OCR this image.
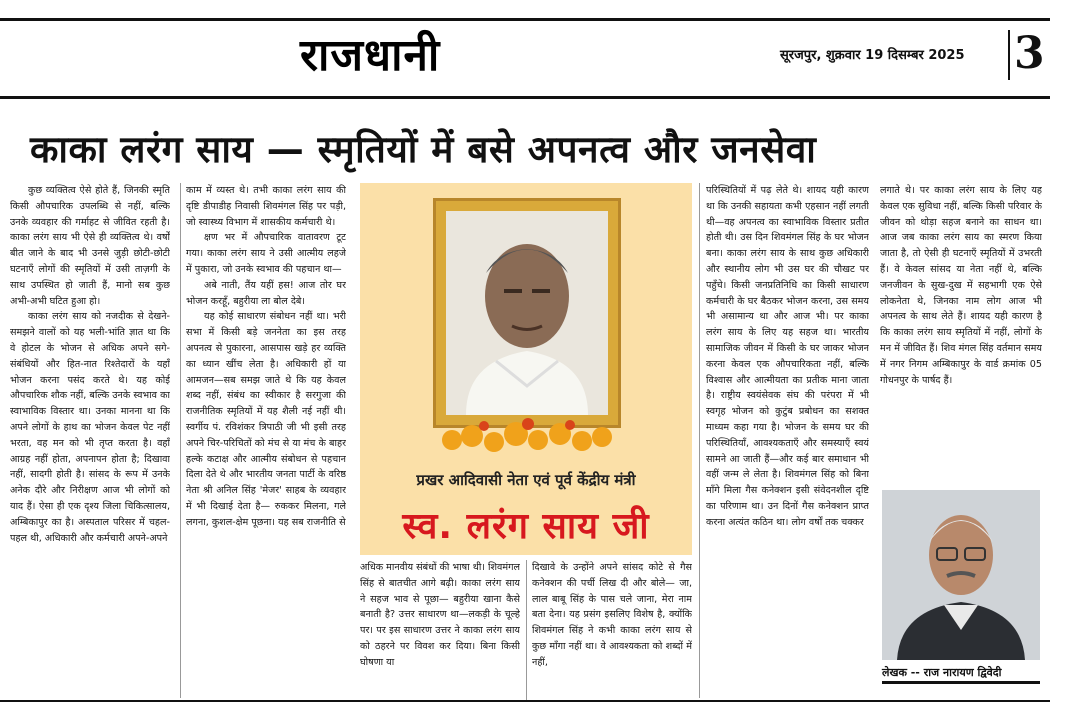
राजधानी	सूरजपुर, शुक्रवार 19 दिसम्बर 2025 3
काका लरंग साय — स्मृतियों में बसे अपनत्व और जनसेवा

कुछ व्यक्तित्व ऐसे होते हैं, जिनकी स्मृति किसी औपचारिक उपलब्धि से नहीं, बल्कि उनके व्यवहार की गर्माहट से जीवित रहती है। काका लरंग साय भी ऐसे ही व्यक्तित्व थे। वर्षों बीत जाने के बाद भी उनसे जुड़ी छोटी-छोटी घटनाएँ लोगों की स्मृतियों में उसी ताज़गी के साथ उपस्थित हो जाती हैं, मानो सब कुछ अभी-अभी घटित हुआ हो।

काका लरंग साय को नजदीक से देखने-समझने वालों को यह भली-भांति ज्ञात था कि वे होटल के भोजन से अधिक अपने सगे-संबंधियों और हित-नात रिश्तेदारों के यहाँ भोजन करना पसंद करते थे। यह कोई औपचारिक शौक नहीं, बल्कि उनके स्वभाव का स्वाभाविक विस्तार था। उनका मानना था कि अपने लोगों के हाथ का भोजन केवल पेट नहीं भरता, वह मन को भी तृप्त करता है। वहाँ आग्रह नहीं होता, अपनापन होता है; दिखावा नहीं, सादगी होती है। सांसद के रूप में उनके अनेक दौरे और निरीक्षण आज भी लोगों को याद हैं। ऐसा ही एक दृश्य जिला चिकित्सालय, अम्बिकापुर का है। अस्पताल परिसर में चहल-पहल थी, अधिकारी और कर्मचारी अपने-अपने

काम में व्यस्त थे। तभी काका लरंग साय की दृष्टि डीपाडीह निवासी शिवमंगल सिंह पर पड़ी, जो स्वास्थ्य विभाग में शासकीय कर्मचारी थे।

क्षण भर में औपचारिक वातावरण टूट गया। काका लरंग साय ने उसी आत्मीय लहजे में पुकारा, जो उनके स्वभाव की पहचान था—

अबे नाती, तैंय यहीं हस! आज तोर घर भोजन करहूँ, बहुरीया ला बोल देबे।

यह कोई साधारण संबोधन नहीं था। भरी सभा में किसी बड़े जननेता का इस तरह अपनत्व से पुकारना, आसपास खड़े हर व्यक्ति का ध्यान खींच लेता है। अधिकारी हों या आमजन—सब समझ जाते थे कि यह केवल शब्द नहीं, संबंध का स्वीकार है सरगुजा की राजनीतिक स्मृतियों में यह शैली नई नहीं थी। स्वर्गीय पं. रविशंकर त्रिपाठी जी भी इसी तरह अपने चिर-परिचितों को मंच से या मंच के बाहर हल्के कटाक्ष और आत्मीय संबोधन से पहचान दिला देते थे और भारतीय जनता पार्टी के वरिष्ठ नेता श्री अनिल सिंह 'मेजर' साहब के व्यवहार में भी दिखाई देता है— रुककर मिलना, गले लगना, कुशल-क्षेम पूछना। यह सब राजनीति से

प्रखर आदिवासी नेता एवं पूर्व केंद्रीय मंत्री
स्व. लरंग साय जी

अधिक मानवीय संबंधों की भाषा थी। शिवमंगल सिंह से बातचीत आगे बढ़ी। काका लरंग साय ने सहज भाव से पूछा— बहुरीया खाना कैसे बनाती है? उत्तर साधारण था—लकड़ी के चूल्हे पर। पर इस साधारण उत्तर ने काका लरंग साय को ठहरने पर विवश कर दिया। बिना किसी घोषणा या

दिखावे के उन्होंने अपने सांसद कोटे से गैस कनेक्शन की पर्ची लिख दी और बोले— जा, लाल बाबू सिंह के पास चले जाना, मेरा नाम बता देना। यह प्रसंग इसलिए विशेष है, क्योंकि शिवमंगल सिंह ने कभी काका लरंग साय से कुछ माँगा नहीं था। वे आवश्यकता को शब्दों में नहीं,

परिस्थितियों में पढ़ लेते थे। शायद यही कारण था कि उनकी सहायता कभी एहसान नहीं लगती थी—वह अपनत्व का स्वाभाविक विस्तार प्रतीत होती थी। उस दिन शिवमंगल सिंह के घर भोजन बना। काका लरंग साय के साथ कुछ अधिकारी और स्थानीय लोग भी उस घर की चौखट पर पहुँचे। किसी जनप्रतिनिधि का किसी साधारण कर्मचारी के घर बैठकर भोजन करना, उस समय भी असामान्य था और आज भी। पर काका लरंग साय के लिए यह सहज था। भारतीय सामाजिक जीवन में किसी के घर जाकर भोजन करना केवल एक औपचारिकता नहीं, बल्कि विश्वास और आत्मीयता का प्रतीक माना जाता है। राष्ट्रीय स्वयंसेवक संघ की परंपरा में भी स्वगृह भोजन को कुटुंब प्रबोधन का सशक्त माध्यम कहा गया है। भोजन के समय घर की परिस्थितियाँ, आवश्यकताएँ और समस्याएँ स्वयं सामने आ जाती हैं—और कई बार समाधान भी वहीं जन्म ले लेता है। शिवमंगल सिंह को बिना माँगे मिला गैस कनेक्शन इसी संवेदनशील दृष्टि का परिणाम था। उन दिनों गैस कनेक्शन प्राप्त करना अत्यंत कठिन था। लोग वर्षों तक चक्कर

लगाते थे। पर काका लरंग साय के लिए यह केवल एक सुविधा नहीं, बल्कि किसी परिवार के जीवन को थोड़ा सहज बनाने का साधन था। आज जब काका लरंग साय का स्मरण किया जाता है, तो ऐसी ही घटनाएँ स्मृतियों में उभरती हैं। वे केवल सांसद या नेता नहीं थे, बल्कि जनजीवन के सुख-दुख में सहभागी एक ऐसे लोकनेता थे, जिनका नाम लोग आज भी अपनत्व के साथ लेते हैं। शायद यही कारण है कि काका लरंग साय स्मृतियों में नहीं, लोगों के मन में जीवित हैं। शिव मंगल सिंह वर्तमान समय में नगर निगम अम्बिकापुर के वार्ड क्रमांक 05 गोधनपुर के पार्षद हैं।

लेखक -- राज नारायण द्विवेदी
